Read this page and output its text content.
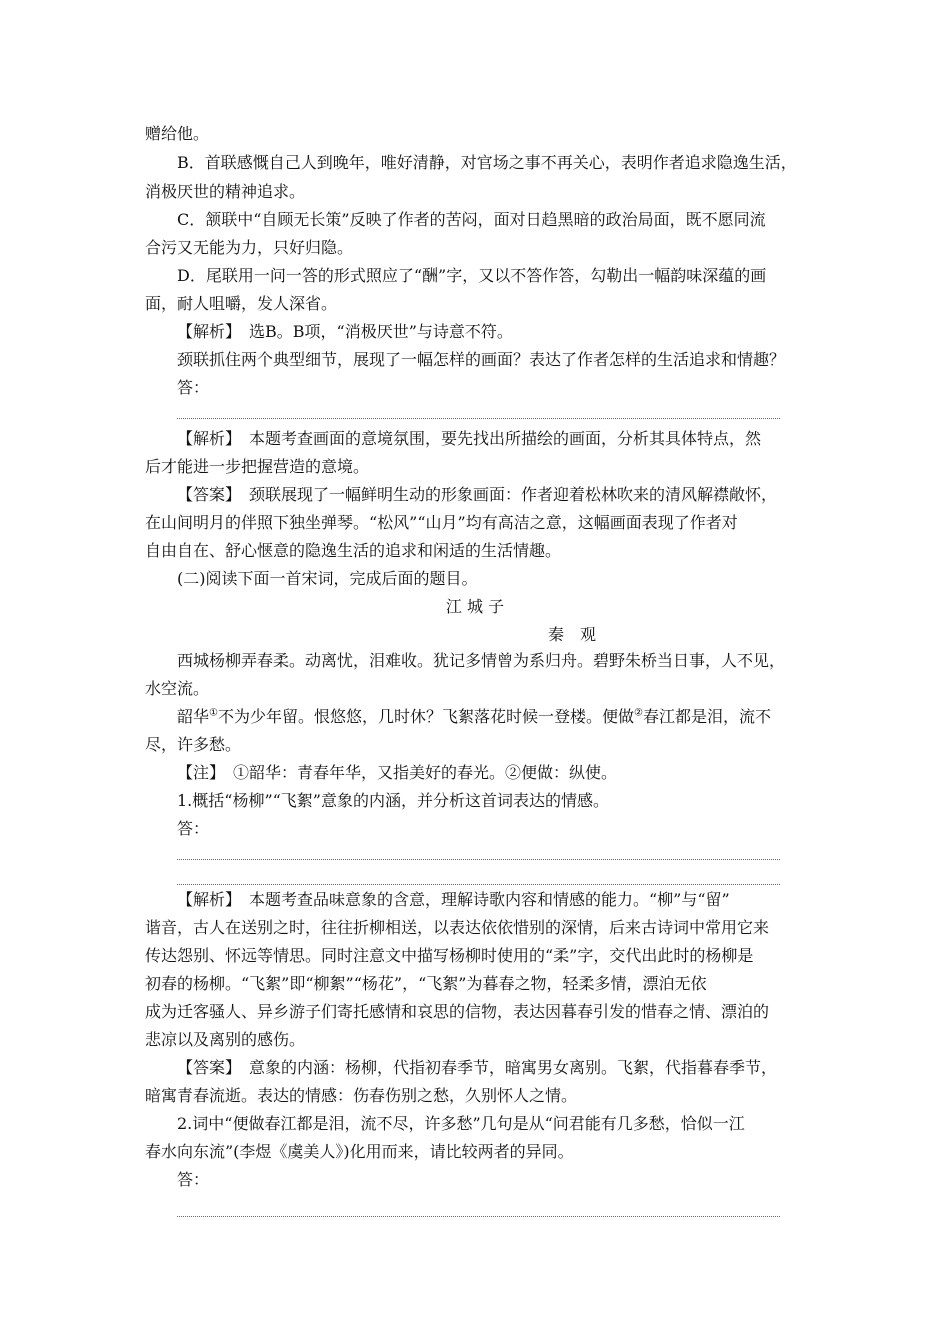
赠给他。
B．首联感慨自己人到晚年，唯好清静，对官场之事不再关心，表明作者追求隐逸生活，
消极厌世的精神追求。
C．颔联中“自顾无长策”反映了作者的苦闷，面对日趋黑暗的政治局面，既不愿同流
合污又无能为力，只好归隐。
D．尾联用一问一答的形式照应了“酬”字，又以不答作答，勾勒出一幅韵味深蕴的画
面，耐人咀嚼，发人深省。
【解析】　选B。B项，“消极厌世”与诗意不符。
颈联抓住两个典型细节，展现了一幅怎样的画面？表达了作者怎样的生活追求和情趣？
答：
【解析】　本题考查画面的意境氛围，要先找出所描绘的画面，分析其具体特点，然
后才能进一步把握营造的意境。
【答案】　颈联展现了一幅鲜明生动的形象画面：作者迎着松林吹来的清风解襟敞怀，
在山间明月的伴照下独坐弹琴。“松风”“山月”均有高洁之意，这幅画面表现了作者对
自由自在、舒心惬意的隐逸生活的追求和闲适的生活情趣。
(二)阅读下面一首宋词，完成后面的题目。
江 城 子
秦　观
西城杨柳弄春柔。动离忧，泪难收。犹记多情曾为系归舟。碧野朱桥当日事，人不见，
水空流。
韶华①不为少年留。恨悠悠，几时休？飞絮落花时候一登楼。便做②春江都是泪，流不
尽，许多愁。
【注】　①韶华：青春年华，又指美好的春光。②便做：纵使。
1.概括“杨柳”“飞絮”意象的内涵，并分析这首词表达的情感。
答：
【解析】　本题考查品味意象的含意，理解诗歌内容和情感的能力。“柳”与“留”
谐音，古人在送别之时，往往折柳相送，以表达依依惜别的深情，后来古诗词中常用它来
传达怨别、怀远等情思。同时注意文中描写杨柳时使用的“柔”字，交代出此时的杨柳是
初春的杨柳。“飞絮”即“柳絮”“杨花”，“飞絮”为暮春之物，轻柔多情，漂泊无依
成为迁客骚人、异乡游子们寄托感情和哀思的信物，表达因暮春引发的惜春之情、漂泊的
悲凉以及离别的感伤。
【答案】　意象的内涵：杨柳，代指初春季节，暗寓男女离别。飞絮，代指暮春季节，
暗寓青春流逝。表达的情感：伤春伤别之愁，久别怀人之情。
2.词中“便做春江都是泪，流不尽，许多愁”几句是从“问君能有几多愁，恰似一江
春水向东流”(李煜《虞美人》)化用而来，请比较两者的异同。
答：
